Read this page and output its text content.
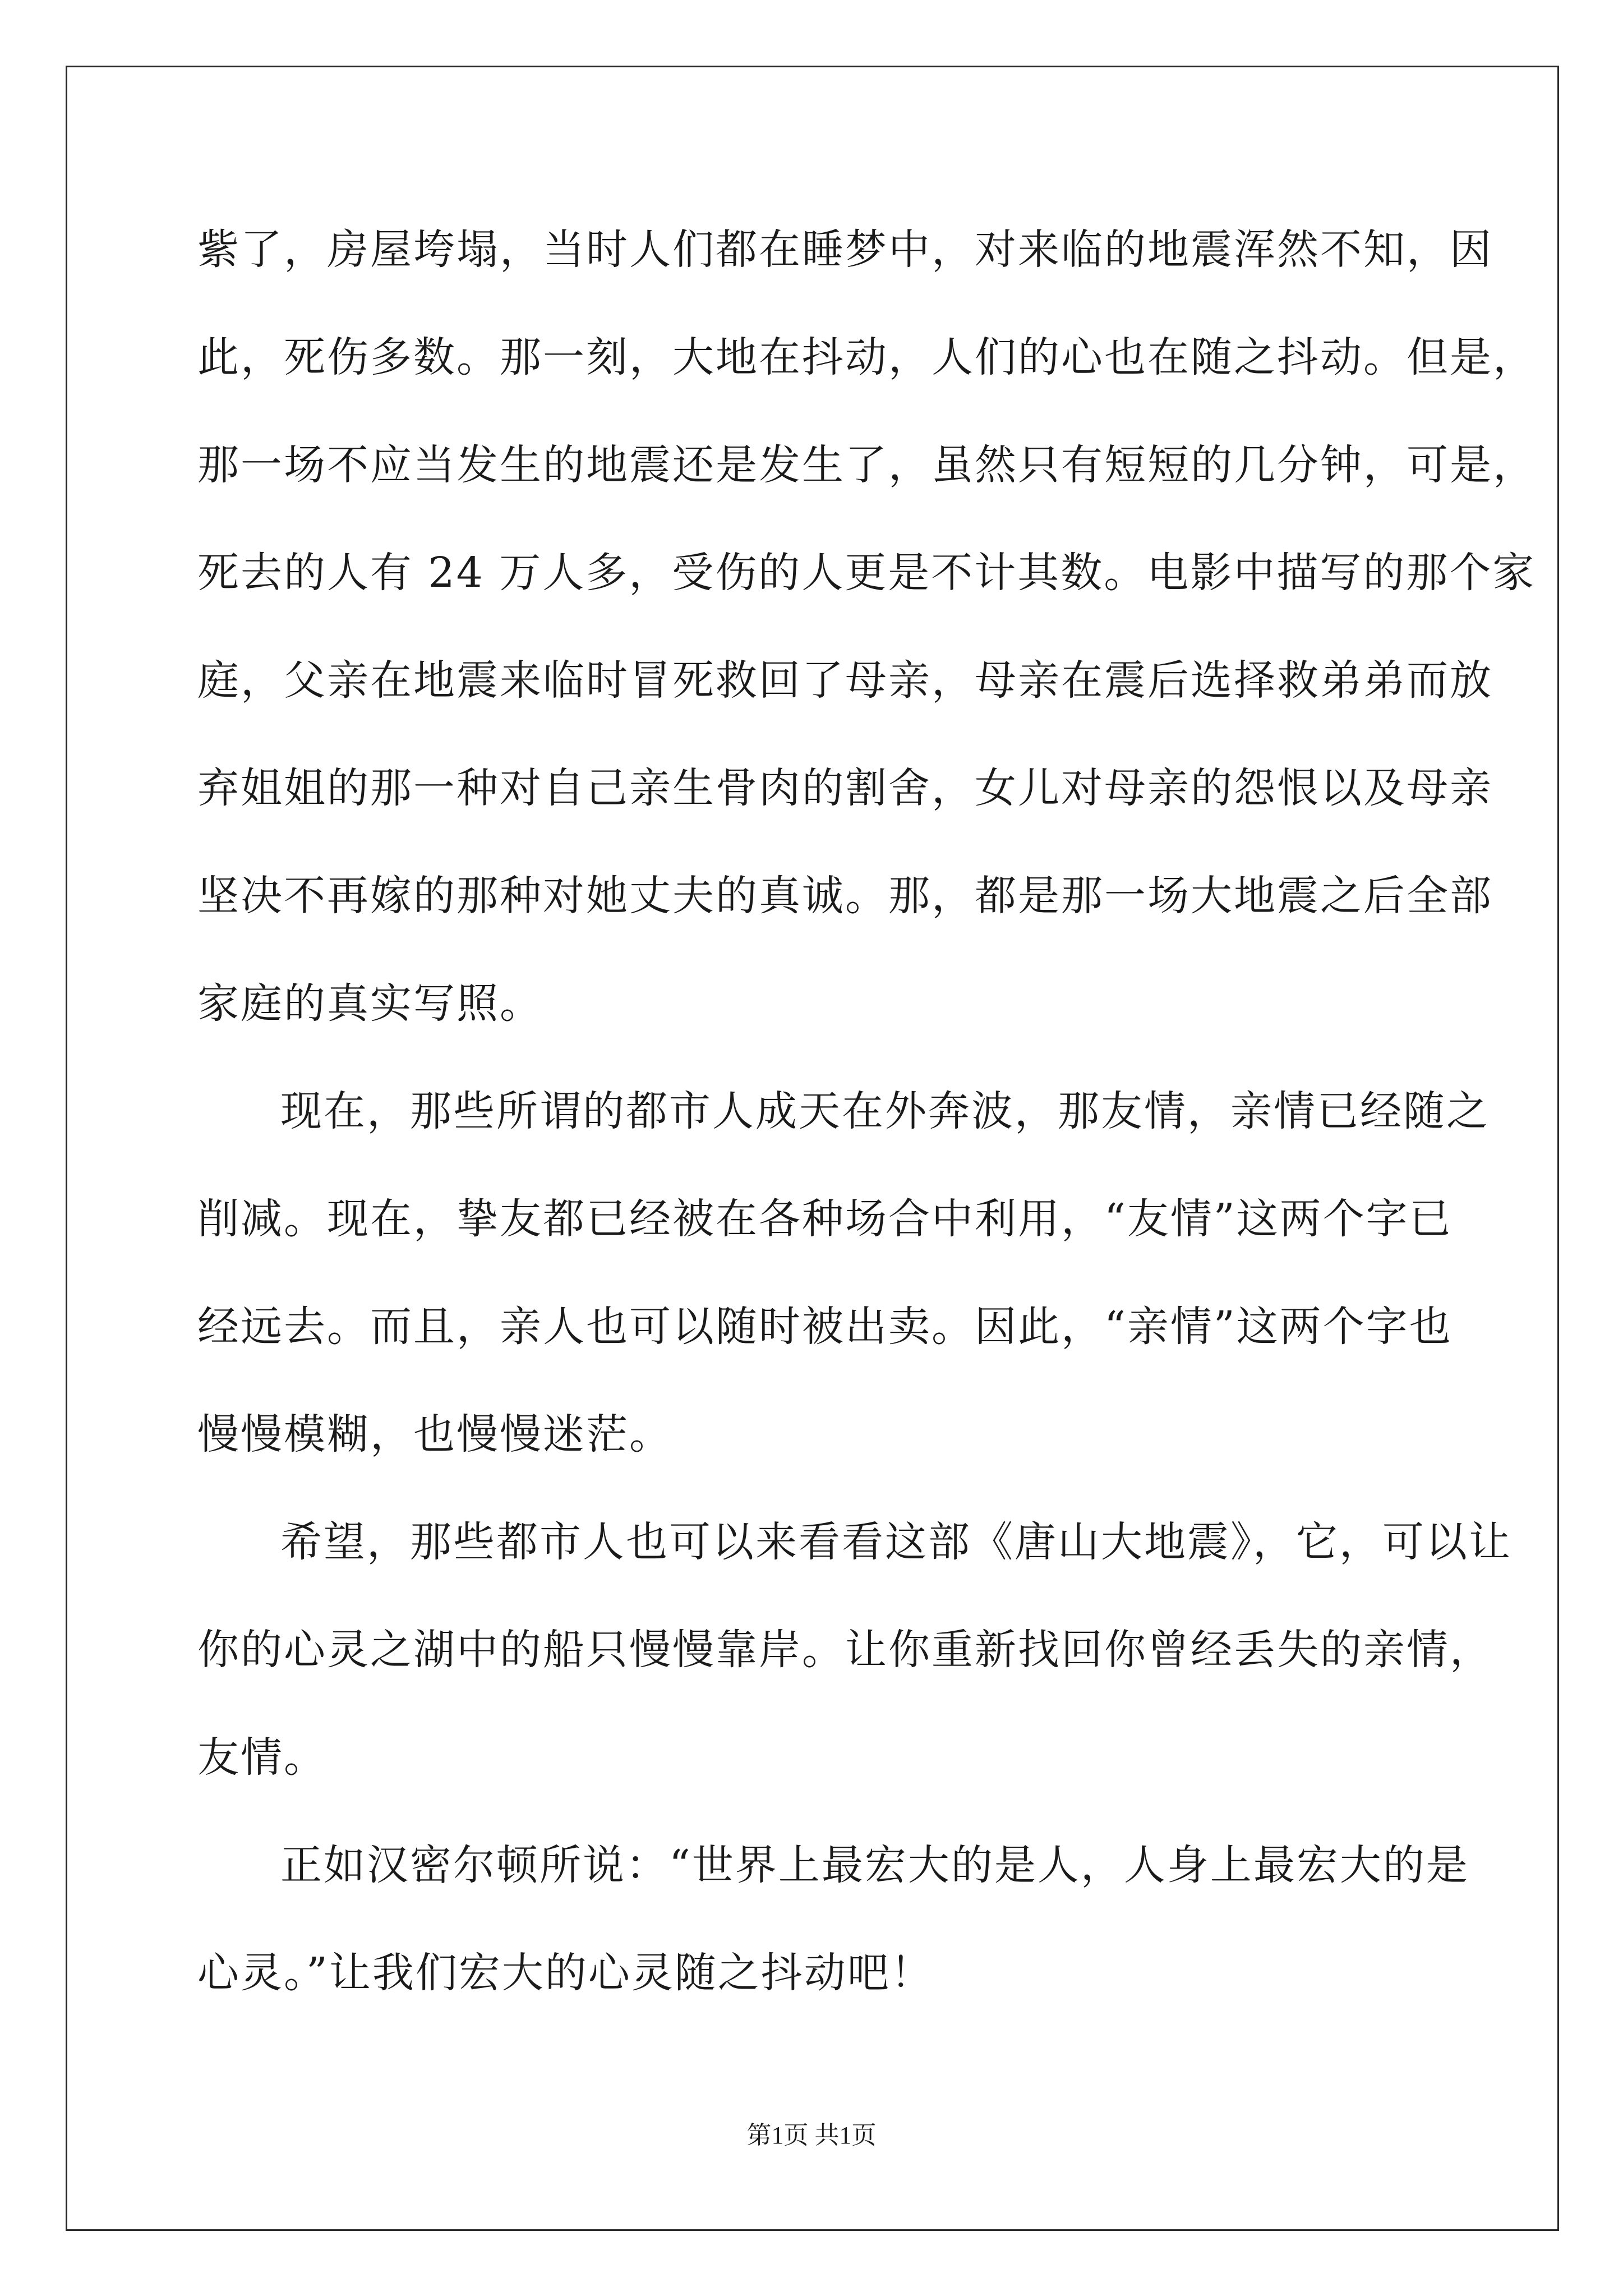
紫了，房屋垮塌，当时人们都在睡梦中，对来临的地震浑然不知，因
此，死伤多数。那一刻，大地在抖动，人们的心也在随之抖动。但是，
那一场不应当发生的地震还是发生了，虽然只有短短的几分钟，可是，
死去的人有 24 万人多，受伤的人更是不计其数。电影中描写的那个家
庭，父亲在地震来临时冒死救回了母亲，母亲在震后选择救弟弟而放
弃姐姐的那一种对自己亲生骨肉的割舍，女儿对母亲的怨恨以及母亲
坚决不再嫁的那种对她丈夫的真诚。那，都是那一场大地震之后全部
家庭的真实写照。
现在，那些所谓的都市人成天在外奔波，那友情，亲情已经随之
削减。现在，挚友都已经被在各种场合中利用，“友情”这两个字已
经远去。而且，亲人也可以随时被出卖。因此，“亲情”这两个字也
慢慢模糊，也慢慢迷茫。
希望，那些都市人也可以来看看这部《唐山大地震》，它，可以让
你的心灵之湖中的船只慢慢靠岸。让你重新找回你曾经丢失的亲情，
友情。
正如汉密尔顿所说：“世界上最宏大的是人，人身上最宏大的是
心灵。”让我们宏大的心灵随之抖动吧！
第1页 共1页
